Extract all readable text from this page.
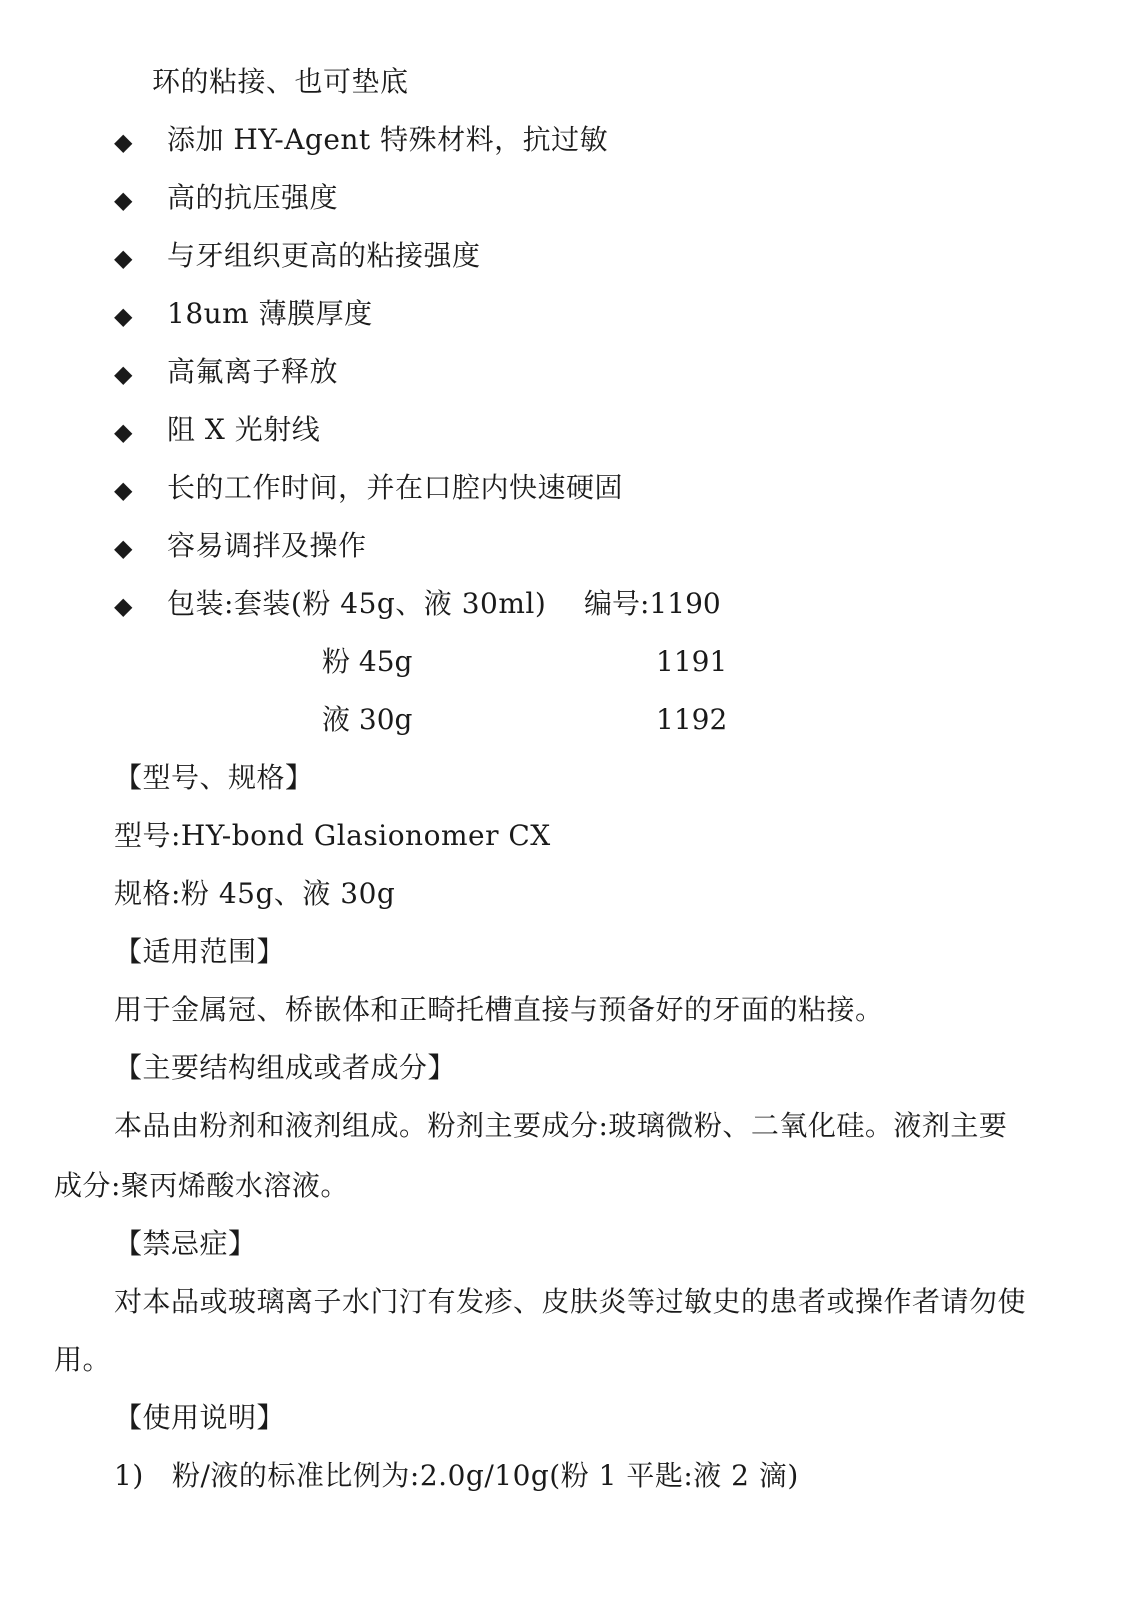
环的粘接、也可垫底
◆ 添加 HY-Agent 特殊材料，抗过敏
◆ 高的抗压强度
◆ 与牙组织更高的粘接强度
◆ 18um 薄膜厚度
◆ 高氟离子释放
◆ 阻 X 光射线
◆ 长的工作时间，并在口腔内快速硬固
◆ 容易调拌及操作
◆ 包装:套装(粉 45g、液 30ml) 编号:1190
粉 45g	1191
液 30g	1192
【型号、规格】
型号:HY-bond Glasionomer CX
规格:粉 45g、液 30g
【适用范围】
用于金属冠、桥嵌体和正畸托槽直接与预备好的牙面的粘接。
【主要结构组成或者成分】
本品由粉剂和液剂组成。粉剂主要成分:玻璃微粉、二氧化硅。液剂主要
成分:聚丙烯酸水溶液。
【禁忌症】
对本品或玻璃离子水门汀有发疹、皮肤炎等过敏史的患者或操作者请勿使
用。
【使用说明】
1) 粉/液的标准比例为:2.0g/10g(粉 1 平匙:液 2 滴)
